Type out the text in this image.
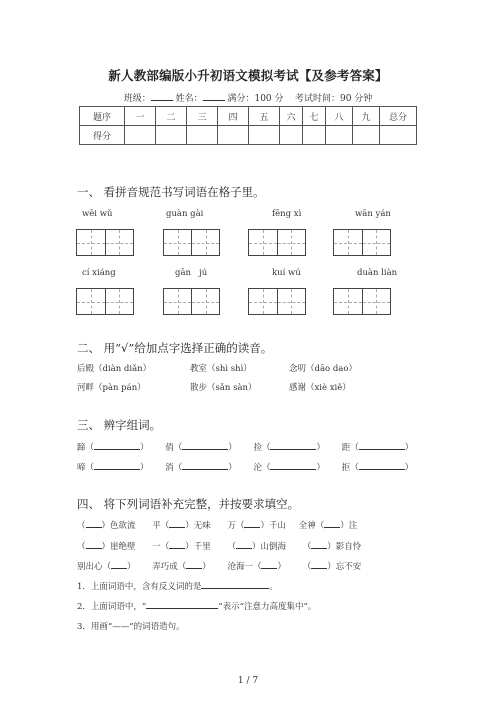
新人教部编版小升初语文模拟考试【及参考答案】
班级：	姓名：	满分：100 分 考试时间：90 分钟
题序	一	二	三	四	五	六	七	八	九	总分
得分										
一、 看拼音规范书写词语在格子里。
wēi wǔ	guàn gài	fēng xì	wān yán
cí xiáng	gān   jú	kuí wú	duàn liàn
二、 用“√”给加点字选择正确的读音。
后殿（diàn diǎn）	教室（shì shì）	念叨（dāo dao）
河畔（pàn pán）	散步（sǎn sàn）	感谢（xiè xiě）
三、 辨字组词。
蹄（	） 俏（	） 捡（	） 距（	）
啼（	） 消（	） 沦（	） 拒（	）
四、 将下列词语补充完整，并按要求填空。
（ ）色欲流 平（ ）无味 万（ ）千山 全神（ ）注
（ ）崖绝壁 一（ ）千里 （ ）山倒海 （ ）影自怜
别出心（ ） 弄巧成（ ） 沧海一（ ） （ ）忘不安
1．上面词语中，含有反义词的是	。
2．上面词语中，“	”表示“注意力高度集中”。
3．用画“——”的词语造句。
1 / 7
